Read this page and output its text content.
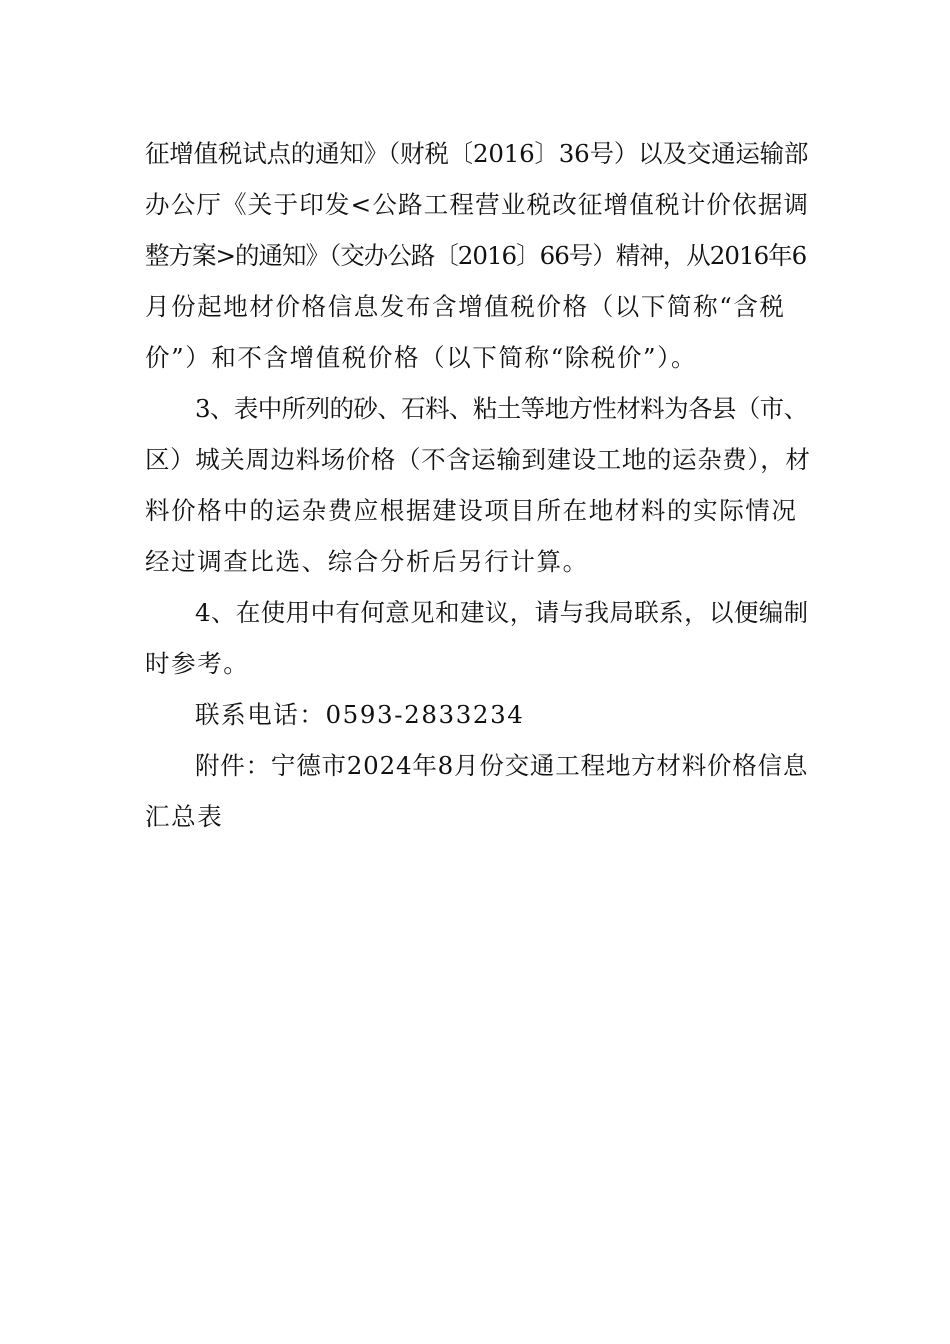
征增值税试点的通知》（财税〔2016〕36号）以及交通运输部
办公厅《关于印发<公路工程营业税改征增值税计价依据调
整方案>的通知》（交办公路〔2016〕66号）精神，从2016年6
月份起地材价格信息发布含增值税价格（以下简称“含税
价”）和不含增值税价格（以下简称“除税价”）。
3、表中所列的砂、石料、粘土等地方性材料为各县（市、
区）城关周边料场价格（不含运输到建设工地的运杂费），材
料价格中的运杂费应根据建设项目所在地材料的实际情况
经过调查比选、综合分析后另行计算。
4、在使用中有何意见和建议，请与我局联系，以便编制
时参考。
联系电话：0593-2833234
附件：宁德市2024年8月份交通工程地方材料价格信息
汇总表
